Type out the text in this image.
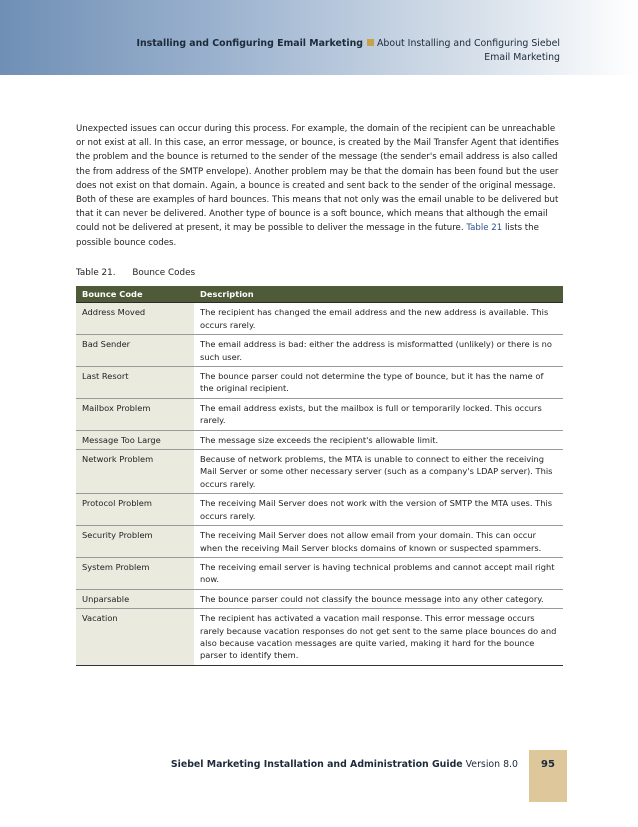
Installing and Configuring Email Marketing About Installing and Configuring Siebel
Email Marketing
Unexpected issues can occur during this process. For example, the domain of the recipient can be unreachable or not exist at all. In this case, an error message, or bounce, is created by the Mail Transfer Agent that identifies the problem and the bounce is returned to the sender of the message (the sender's email address is also called the from address of the SMTP envelope). Another problem may be that the domain has been found but the user does not exist on that domain. Again, a bounce is created and sent back to the sender of the original message. Both of these are examples of hard bounces. This means that not only was the email unable to be delivered but that it can never be delivered. Another type of bounce is a soft bounce, which means that although the email could not be delivered at present, it may be possible to deliver the message in the future. Table 21 lists the possible bounce codes.
Table 21. Bounce Codes
Bounce Code	Description
Address Moved	The recipient has changed the email address and the new address is available. This occurs rarely.
Bad Sender	The email address is bad: either the address is misformatted (unlikely) or there is no such user.
Last Resort	The bounce parser could not determine the type of bounce, but it has the name of the original recipient.
Mailbox Problem	The email address exists, but the mailbox is full or temporarily locked. This occurs rarely.
Message Too Large	The message size exceeds the recipient's allowable limit.
Network Problem	Because of network problems, the MTA is unable to connect to either the receiving Mail Server or some other necessary server (such as a company's LDAP server). This occurs rarely.
Protocol Problem	The receiving Mail Server does not work with the version of SMTP the MTA uses. This occurs rarely.
Security Problem	The receiving Mail Server does not allow email from your domain. This can occur when the receiving Mail Server blocks domains of known or suspected spammers.
System Problem	The receiving email server is having technical problems and cannot accept mail right now.
Unparsable	The bounce parser could not classify the bounce message into any other category.
Vacation	The recipient has activated a vacation mail response. This error message occurs rarely because vacation responses do not get sent to the same place bounces do and also because vacation messages are quite varied, making it hard for the bounce parser to identify them.
Siebel Marketing Installation and Administration Guide Version 8.0	95
